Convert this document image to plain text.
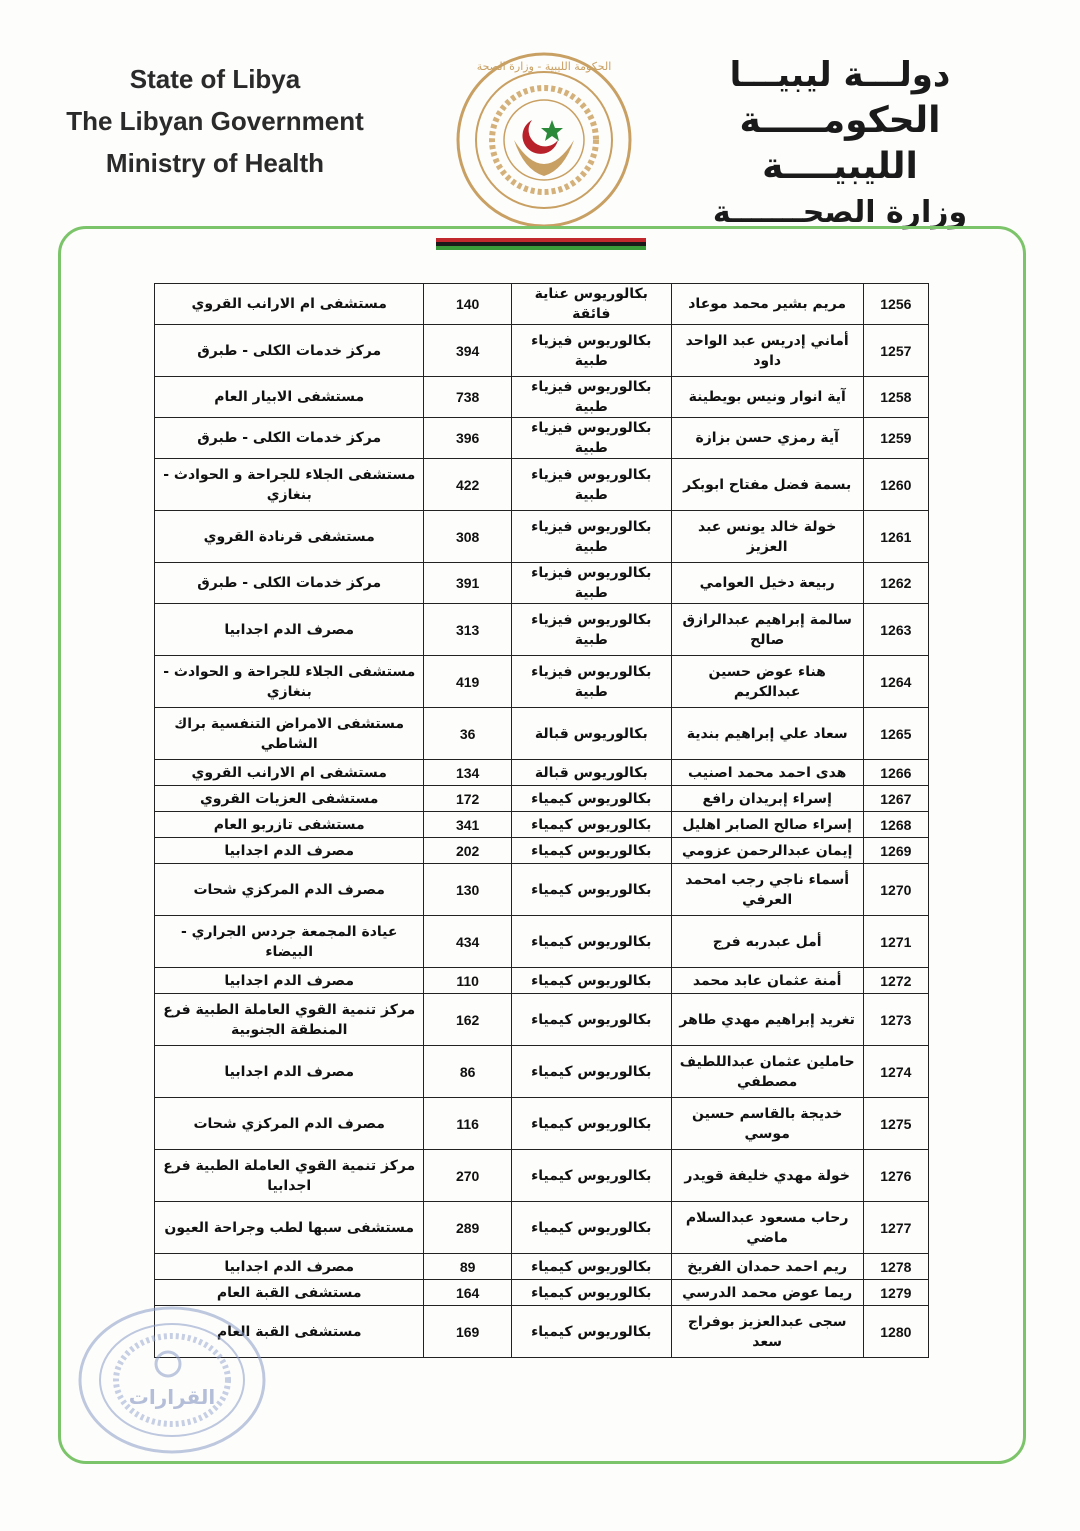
State of Libya
The Libyan Government
Ministry of Health
الحكومة الليبية - وزارة الصحة	دولـــة ليبيـــا
الحكومـــــة الليبيــــة
وزارة الصحـــــــة
1256	مريم بشير محمد موعاد	بكالوريوس عناية فائقة	140	مستشفى ام الارانب القروي
1257	أماني إدريس عبد الواحد داود	بكالوريوس فيزياء طبية	394	مركز خدمات الكلى - طبرق
1258	آية انوار ونيس بويطينة	بكالوريوس فيزياء طبية	738	مستشفى الابيار العام
1259	آية رمزي حسن بزازة	بكالوريوس فيزياء طبية	396	مركز خدمات الكلى - طبرق
1260	بسمة فضل مفتاح ابوبكر	بكالوريوس فيزياء طبية	422	مستشفى الجلاء للجراحة و الحوادث - بنغازي
1261	خولة خالد يونس عبد العزيز	بكالوريوس فيزياء طبية	308	مستشفى قرنادة القروي
1262	ربيعة دخيل العوامي	بكالوريوس فيزياء طبية	391	مركز خدمات الكلى - طبرق
1263	سالمة إبراهيم عبدالرازق صالح	بكالوريوس فيزياء طبية	313	مصرف الدم اجدابيا
1264	هناء عوض حسين عبدالكريم	بكالوريوس فيزياء طبية	419	مستشفى الجلاء للجراحة و الحوادث - بنغازي
1265	سعاد علي إبراهيم بندية	بكالوريوس قبالة	36	مستشفى الامراض التنفسية براك الشاطي
1266	هدى احمد محمد اصنيب	بكالوريوس قبالة	134	مستشفى ام الارانب القروي
1267	إسراء إبريدان رافع	بكالوريوس كيمياء	172	مستشفى العزيات القروي
1268	إسراء صالح الصابر اهليل	بكالوريوس كيمياء	341	مستشفى تازربو العام
1269	إيمان عبدالرحمن عزومي	بكالوريوس كيمياء	202	مصرف الدم اجدابيا
1270	أسماء ناجي رجب امحمد العرفي	بكالوريوس كيمياء	130	مصرف الدم المركزي شحات
1271	أمل عبدربه فرج	بكالوريوس كيمياء	434	عيادة المجمعة جردس الجراري - البيضاء
1272	أمنة عثمان عابد محمد	بكالوريوس كيمياء	110	مصرف الدم اجدابيا
1273	تغريد إبراهيم مهدي طاهر	بكالوريوس كيمياء	162	مركز تنمية القوي العاملة الطبية فرع المنطقة الجنوبية
1274	حاملين عثمان عبداللطيف مصطفي	بكالوريوس كيمياء	86	مصرف الدم اجدابيا
1275	خديجة بالقاسم حسين موسي	بكالوريوس كيمياء	116	مصرف الدم المركزي شحات
1276	خولة مهدي خليفة قويدر	بكالوريوس كيمياء	270	مركز تنمية القوي العاملة الطبية فرع اجدابيا
1277	رحاب مسعود عبدالسلام ماضي	بكالوريوس كيمياء	289	مستشفى سبها لطب وجراحة العيون
1278	ريم احمد حمدان الفريخ	بكالوريوس كيمياء	89	مصرف الدم اجدابيا
1279	ريما عوض محمد الدرسي	بكالوريوس كيمياء	164	مستشفى القبة العام
1280	سجى عبدالعزيز بوفراج سعد	بكالوريوس كيمياء	169	مستشفى القبة العام
القرارات
